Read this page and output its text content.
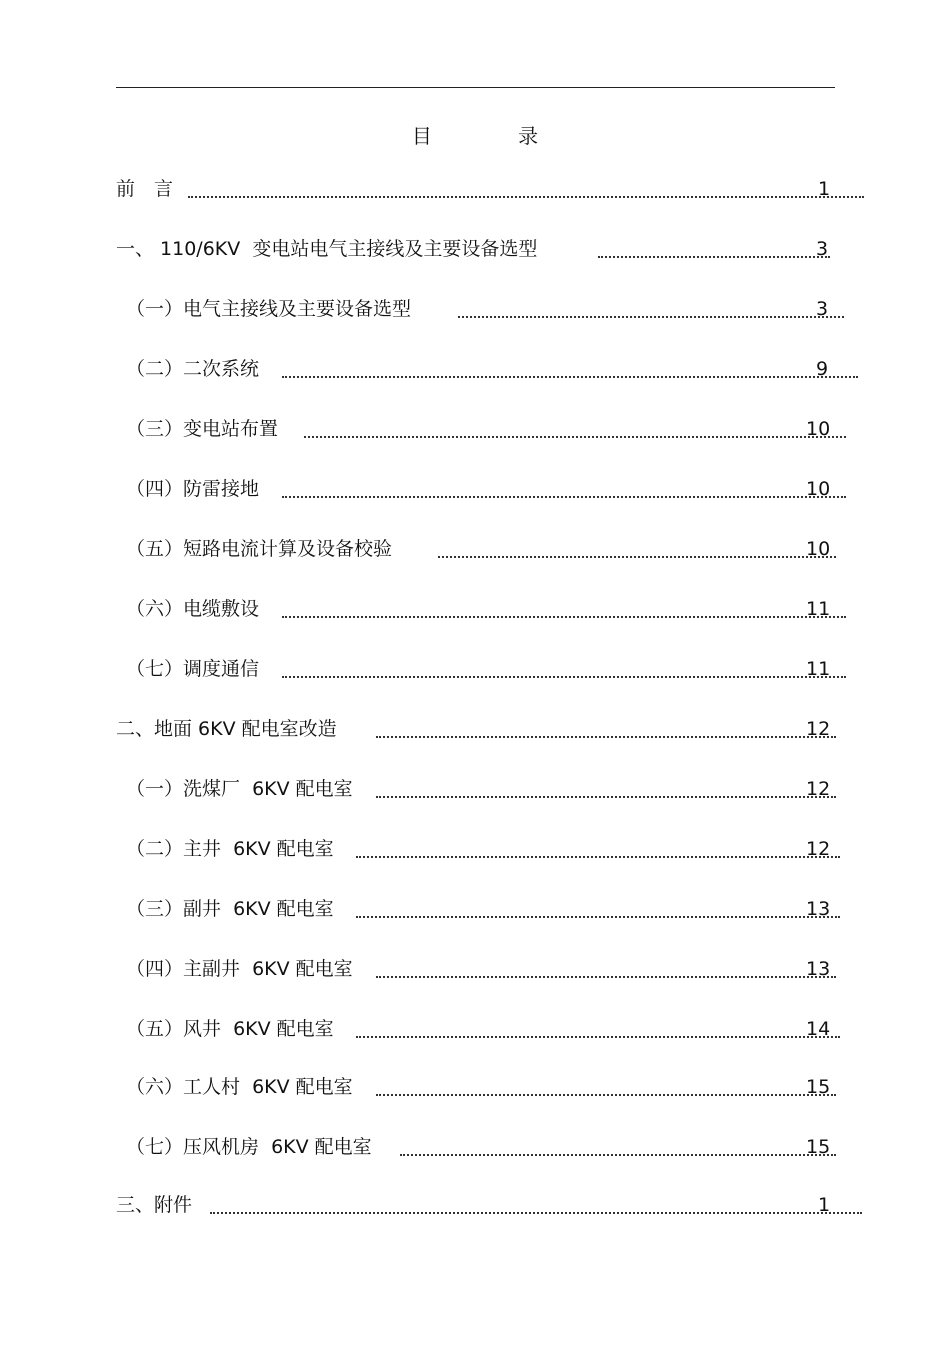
目 录
前　言	1
一、 110/6KV  变电站电气主接线及主要设备选型	3
（一）电气主接线及主要设备选型	3
（二）二次系统	9
（三）变电站布置	10
（四）防雷接地	10
（五）短路电流计算及设备校验	10
（六）电缆敷设	11
（七）调度通信	11
二、地面 6KV 配电室改造	12
（一）洗煤厂  6KV 配电室	12
（二）主井  6KV 配电室	12
（三）副井  6KV 配电室	13
（四）主副井  6KV 配电室	13
（五）风井  6KV 配电室	14
（六）工人村  6KV 配电室	15
（七）压风机房  6KV 配电室	15
三、附件	1
